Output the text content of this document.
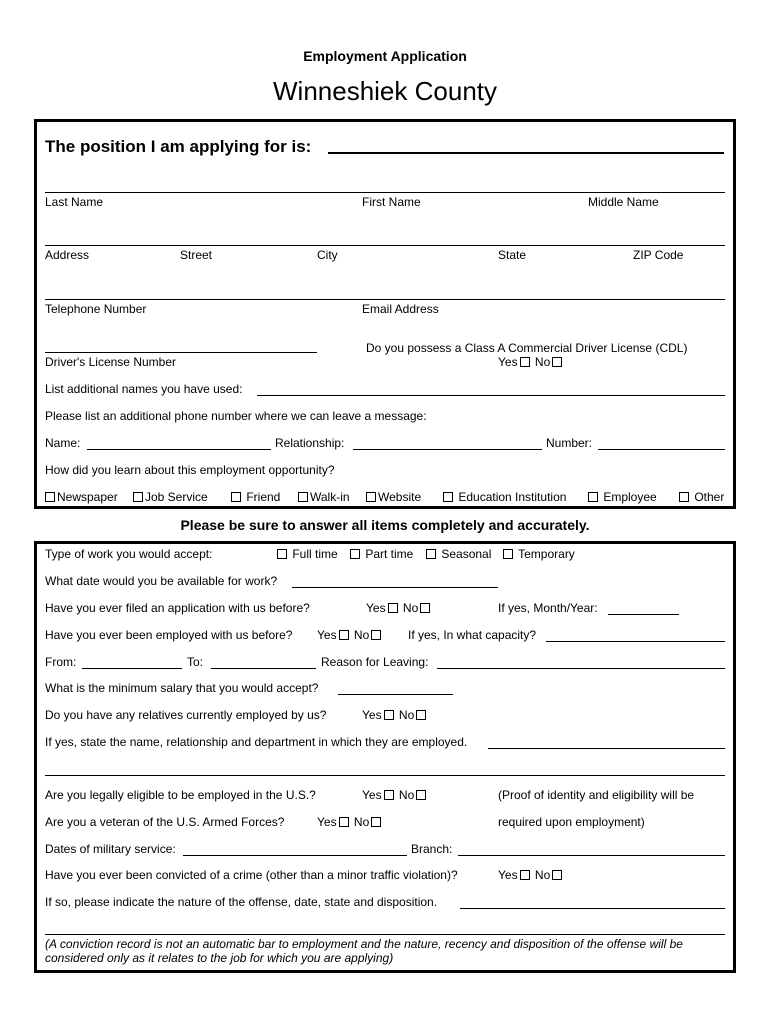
Employment Application
Winneshiek County
The position I am applying for is:
Last Name	First Name	Middle Name
Address	Street	City	State	ZIP Code
Telephone Number	Email Address
Driver's License Number
Do you possess a Class A Commercial Driver License (CDL)
Yes No
List additional names you have used:
Please list an additional phone number where we can leave a message:
Name:	Relationship:	Number:
How did you learn about this employment opportunity?
Newspaper	Job Service	Friend	Walk-in	Website	Education Institution	Employee	Other
Please be sure to answer all items completely and accurately.
Type of work you would accept:	Full time	Part time	Seasonal	Temporary
What date would you be available for work?
Have you ever filed an application with us before?	Yes No	If yes, Month/Year:
Have you ever been employed with us before? Yes No	If yes, In what capacity?
From:	To:	Reason for Leaving:
What is the minimum salary that you would accept?
Do you have any relatives currently employed by us?	Yes No
If yes, state the name, relationship and department in which they are employed.
Are you legally eligible to be employed in the U.S.?	Yes No	(Proof of identity and eligibility will be
Are you a veteran of the U.S. Armed Forces?	Yes No	required upon employment)
Dates of military service:	Branch:
Have you ever been convicted of a crime (other than a minor traffic violation)?	Yes No
If so, please indicate the nature of the offense, date, state and disposition.
(A conviction record is not an automatic bar to employment and the nature, recency and disposition of the offense will be considered only as it relates to the job for which you are applying)
